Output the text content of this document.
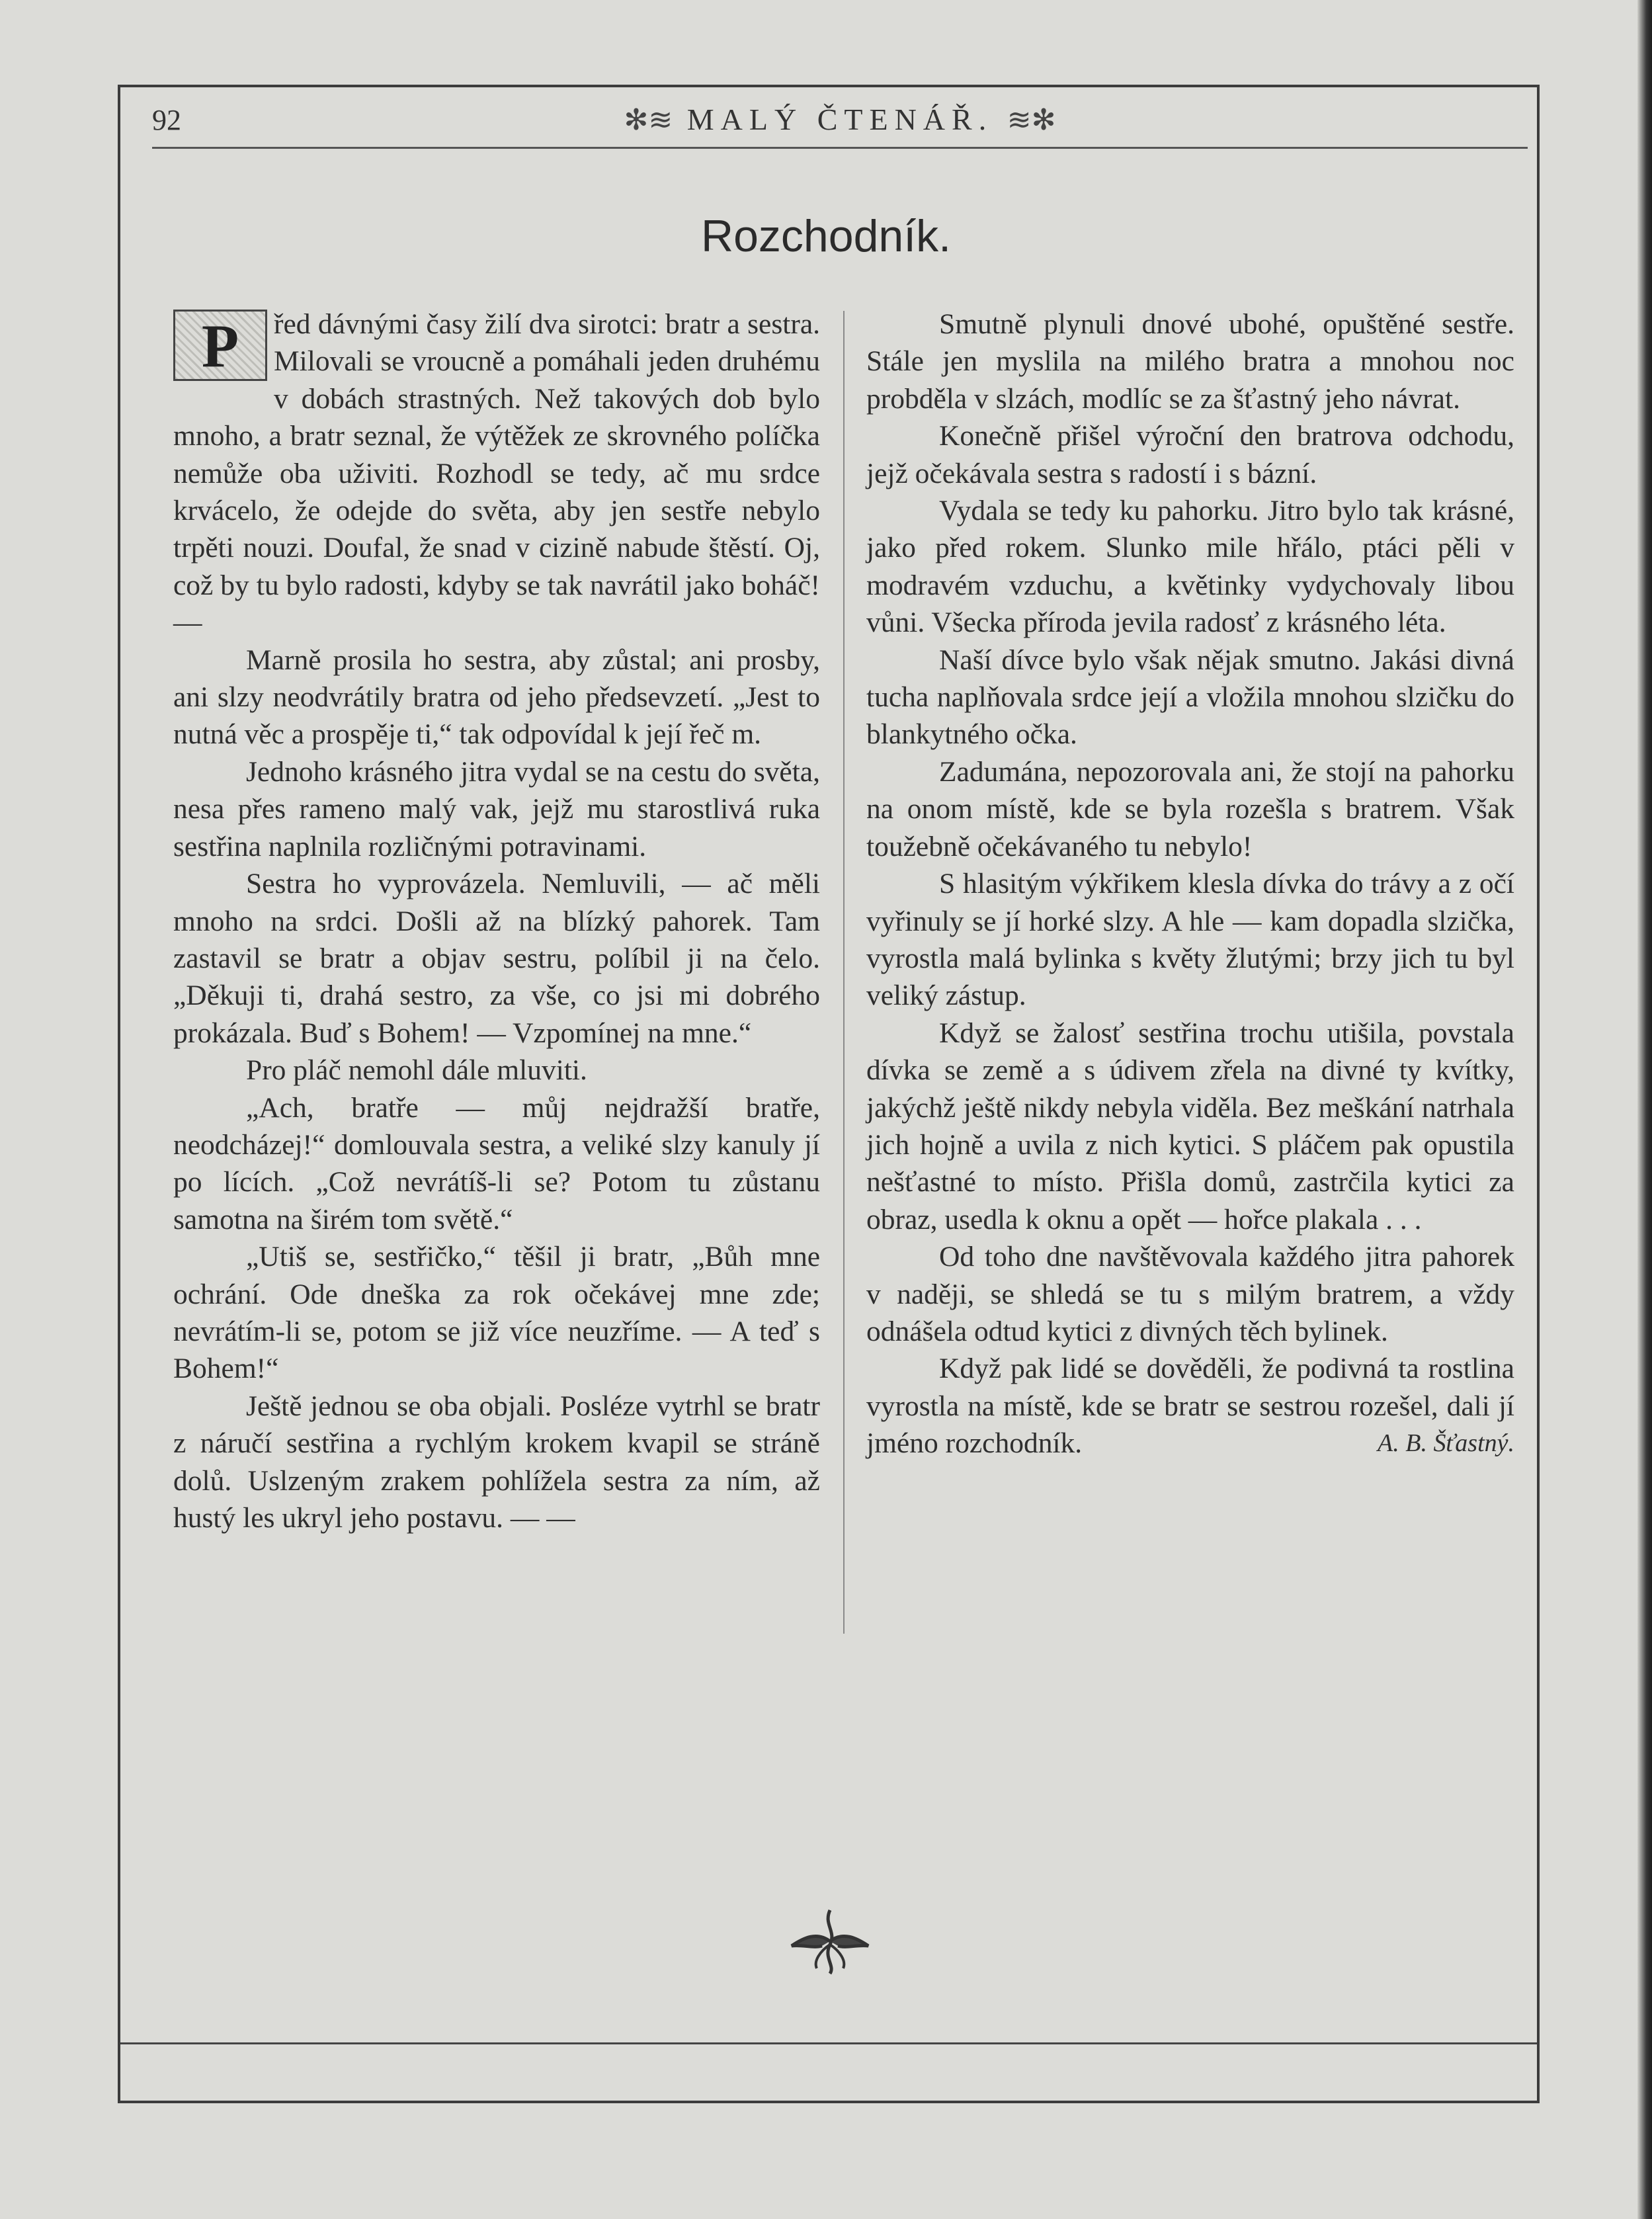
92	✻≋ MALÝ ČTENÁŘ. ≋✻
Rozchodník.

P	řed dávnými časy žilí dva sirotci: bratr a sestra. Milovali se vroucně a pomáhali jeden druhému v dobách strastných. Než takových dob bylo mnoho, a bratr seznal, že výtěžek ze skrovného políčka nemůže oba uživiti. Rozhodl se tedy, ač mu srdce krvácelo, že odejde do světa, aby jen sestře nebylo trpěti nouzi. Doufal, že snad v cizině nabude štěstí. Oj, což by tu bylo radosti, kdyby se tak navrátil jako boháč! —

Marně prosila ho sestra, aby zůstal; ani prosby, ani slzy neodvrátily bratra od jeho předsevzetí. „Jest to nutná věc a prospěje ti,“ tak odpovídal k její řeč m.

Jednoho krásného jitra vydal se na cestu do světa, nesa přes rameno malý vak, jejž mu starostlivá ruka sestřina naplnila rozličnými potravinami.

Sestra ho vyprovázela. Nemluvili, — ač měli mnoho na srdci. Došli až na blízký pahorek. Tam zastavil se bratr a objav sestru, políbil ji na čelo. „Děkuji ti, drahá sestro, za vše, co jsi mi dobrého prokázala. Buď s Bohem! — Vzpomínej na mne.“

Pro pláč nemohl dále mluviti.

„Ach, bratře — můj nejdražší bratře, neodcházej!“ domlouvala sestra, a veliké slzy kanuly jí po lících. „Což nevrátíš-li se? Potom tu zůstanu samotna na širém tom světě.“

„Utiš se, sestřičko,“ těšil ji bratr, „Bůh mne ochrání. Ode dneška za rok očekávej mne zde; nevrátím-li se, potom se již více neuzříme. — A teď s Bohem!“

Ještě jednou se oba objali. Posléze vytrhl se bratr z náručí sestřina a rychlým krokem kvapil se stráně dolů. Uslzeným zrakem pohlížela sestra za ním, až hustý les ukryl jeho postavu. — —

Smutně plynuli dnové ubohé, opuštěné sestře. Stále jen myslila na milého bratra a mnohou noc probděla v slzách, modlíc se za šťastný jeho návrat.

Konečně přišel výroční den bratrova odchodu, jejž očekávala sestra s radostí i s bázní.

Vydala se tedy ku pahorku. Jitro bylo tak krásné, jako před rokem. Slunko mile hřálo, ptáci pěli v modravém vzduchu, a květinky vydychovaly libou vůni. Všecka příroda jevila radosť z krásného léta.

Naší dívce bylo však nějak smutno. Jakási divná tucha naplňovala srdce její a vložila mnohou slzičku do blankytného očka.

Zadumána, nepozorovala ani, že stojí na pahorku na onom místě, kde se byla rozešla s bratrem. Však toužebně očekávaného tu nebylo!

S hlasitým výkřikem klesla dívka do trávy a z očí vyřinuly se jí horké slzy. A hle — kam dopadla slzička, vyrostla malá bylinka s květy žlutými; brzy jich tu byl veliký zástup.

Když se žalosť sestřina trochu utišila, povstala dívka se země a s údivem zřela na divné ty kvítky, jakýchž ještě nikdy nebyla viděla. Bez meškání natrhala jich hojně a uvila z nich kytici. S pláčem pak opustila nešťastné to místo. Přišla domů, zastrčila kytici za obraz, usedla k oknu a opět — hořce plakala . . .

Od toho dne navštěvovala každého jitra pahorek v naději, se shledá se tu s milým bratrem, a vždy odnášela odtud kytici z divných těch bylinek.

Když pak lidé se dověděli, že podivná ta rostlina vyrostla na místě, kde se bratr se sestrou rozešel, dali jí jméno rozchodník.	A. B. Šťastný.
